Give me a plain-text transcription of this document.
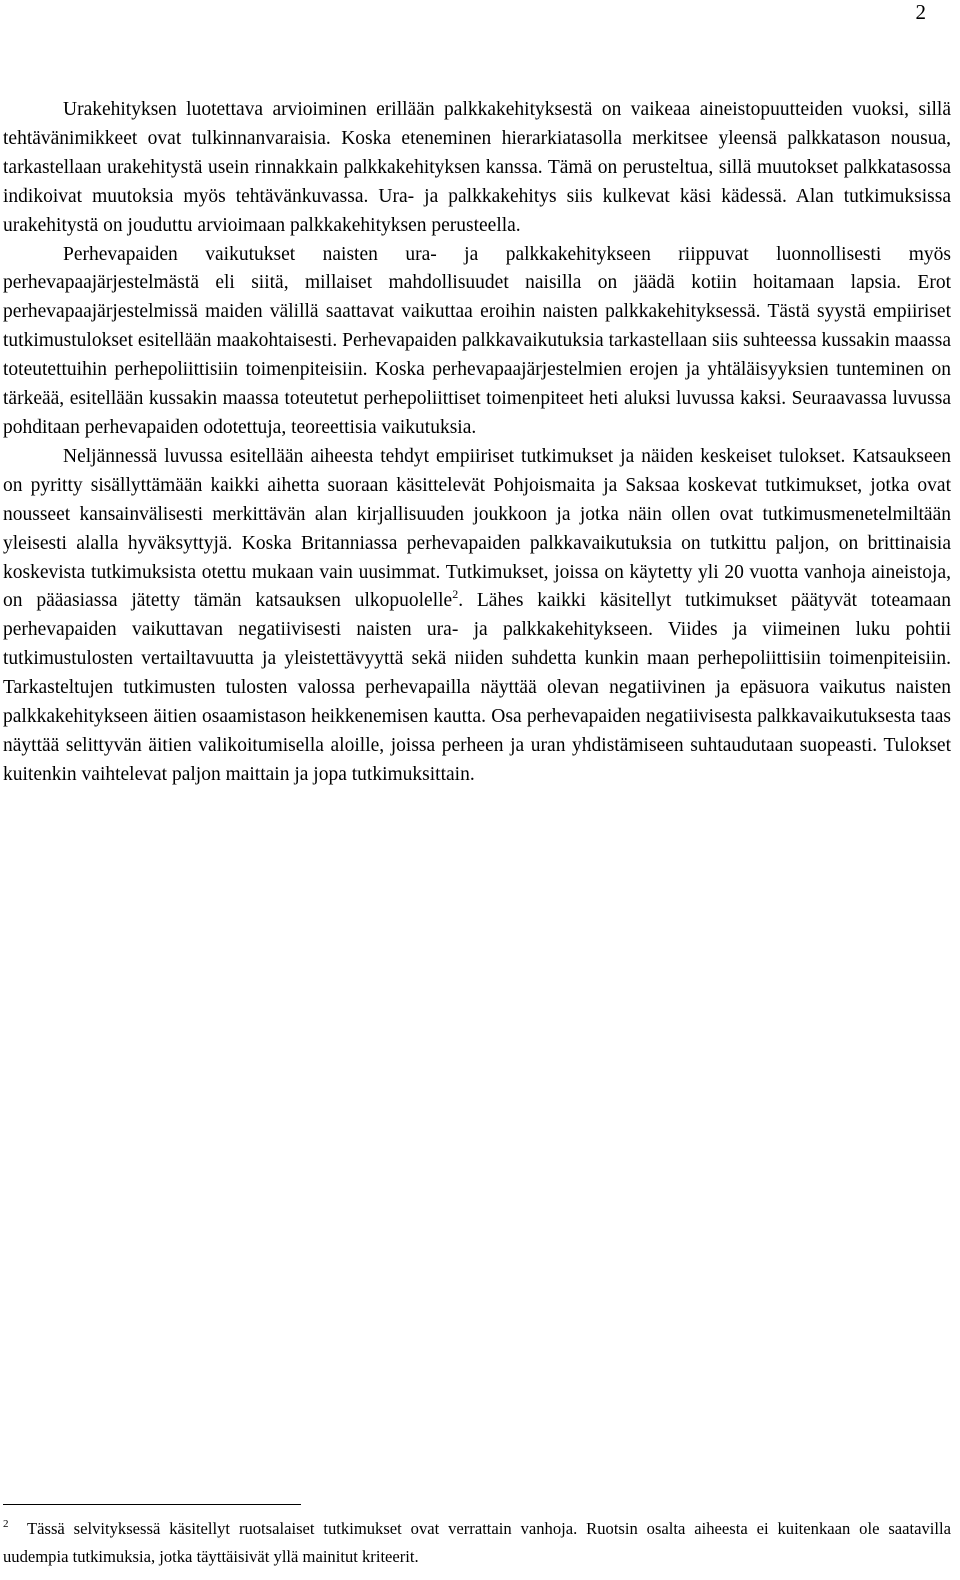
2

Urakehityksen luotettava arvioiminen erillään palkkakehityksestä on vaikeaa aineistopuutteiden vuoksi, sillä tehtävänimikkeet ovat tulkinnanvaraisia. Koska eteneminen hierarkiatasolla merkitsee yleensä palkkatason nousua, tarkastellaan urakehitystä usein rinnakkain palkkakehityksen kanssa. Tämä on perusteltua, sillä muutokset palkkatasossa indikoivat muutoksia myös tehtävänkuvassa. Ura- ja palkkakehitys siis kulkevat käsi kädessä. Alan tutkimuksissa urakehitystä on jouduttu arvioimaan palkkakehityksen perusteella.

Perhevapaiden vaikutukset naisten ura- ja palkkakehitykseen riippuvat luonnollisesti myös perhevapaajärjestelmästä eli siitä, millaiset mahdollisuudet naisilla on jäädä kotiin hoitamaan lapsia. Erot perhevapaajärjestelmissä maiden välillä saattavat vaikuttaa eroihin naisten palkkakehityksessä. Tästä syystä empiiriset tutkimustulokset esitellään maakohtaisesti. Perhevapaiden palkkavaikutuksia tarkastellaan siis suhteessa kussakin maassa toteutettuihin perhepoliittisiin toimenpiteisiin. Koska perhevapaajärjestelmien erojen ja yhtäläisyyksien tunteminen on tärkeää, esitellään kussakin maassa toteutetut perhepoliittiset toimenpiteet heti aluksi luvussa kaksi. Seuraavassa luvussa pohditaan perhevapaiden odotettuja, teoreettisia vaikutuksia.

Neljännessä luvussa esitellään aiheesta tehdyt empiiriset tutkimukset ja näiden keskeiset tulokset. Katsaukseen on pyritty sisällyttämään kaikki aihetta suoraan käsittelevät Pohjoismaita ja Saksaa koskevat tutkimukset, jotka ovat nousseet kansainvälisesti merkittävän alan kirjallisuuden joukkoon ja jotka näin ollen ovat tutkimusmenetelmiltään yleisesti alalla hyväksyttyjä. Koska Britanniassa perhevapaiden palkkavaikutuksia on tutkittu paljon, on brittinaisia koskevista tutkimuksista otettu mukaan vain uusimmat. Tutkimukset, joissa on käytetty yli 20 vuotta vanhoja aineistoja, on pääasiassa jätetty tämän katsauksen ulkopuolelle$^2$. Lähes kaikki käsitellyt tutkimukset päätyvät toteamaan perhevapaiden vaikuttavan negatiivisesti naisten ura- ja palkkakehitykseen. Viides ja viimeinen luku pohtii tutkimustulosten vertailtavuutta ja yleistettävyyttä sekä niiden suhdetta kunkin maan perhepoliittisiin toimenpiteisiin. Tarkasteltujen tutkimusten tulosten valossa perhevapailla näyttää olevan negatiivinen ja epäsuora vaikutus naisten palkkakehitykseen äitien osaamistason heikkenemisen kautta. Osa perhevapaiden negatiivisesta palkkavaikutuksesta taas näyttää selittyvän äitien valikoitumisella aloille, joissa perheen ja uran yhdistämiseen suhtaudutaan suopeasti. Tulokset kuitenkin vaihtelevat paljon maittain ja jopa tutkimuksittain.

2 Tässä selvityksessä käsitellyt ruotsalaiset tutkimukset ovat verrattain vanhoja. Ruotsin osalta aiheesta ei kuitenkaan ole saatavilla uudempia tutkimuksia, jotka täyttäisivät yllä mainitut kriteerit.
